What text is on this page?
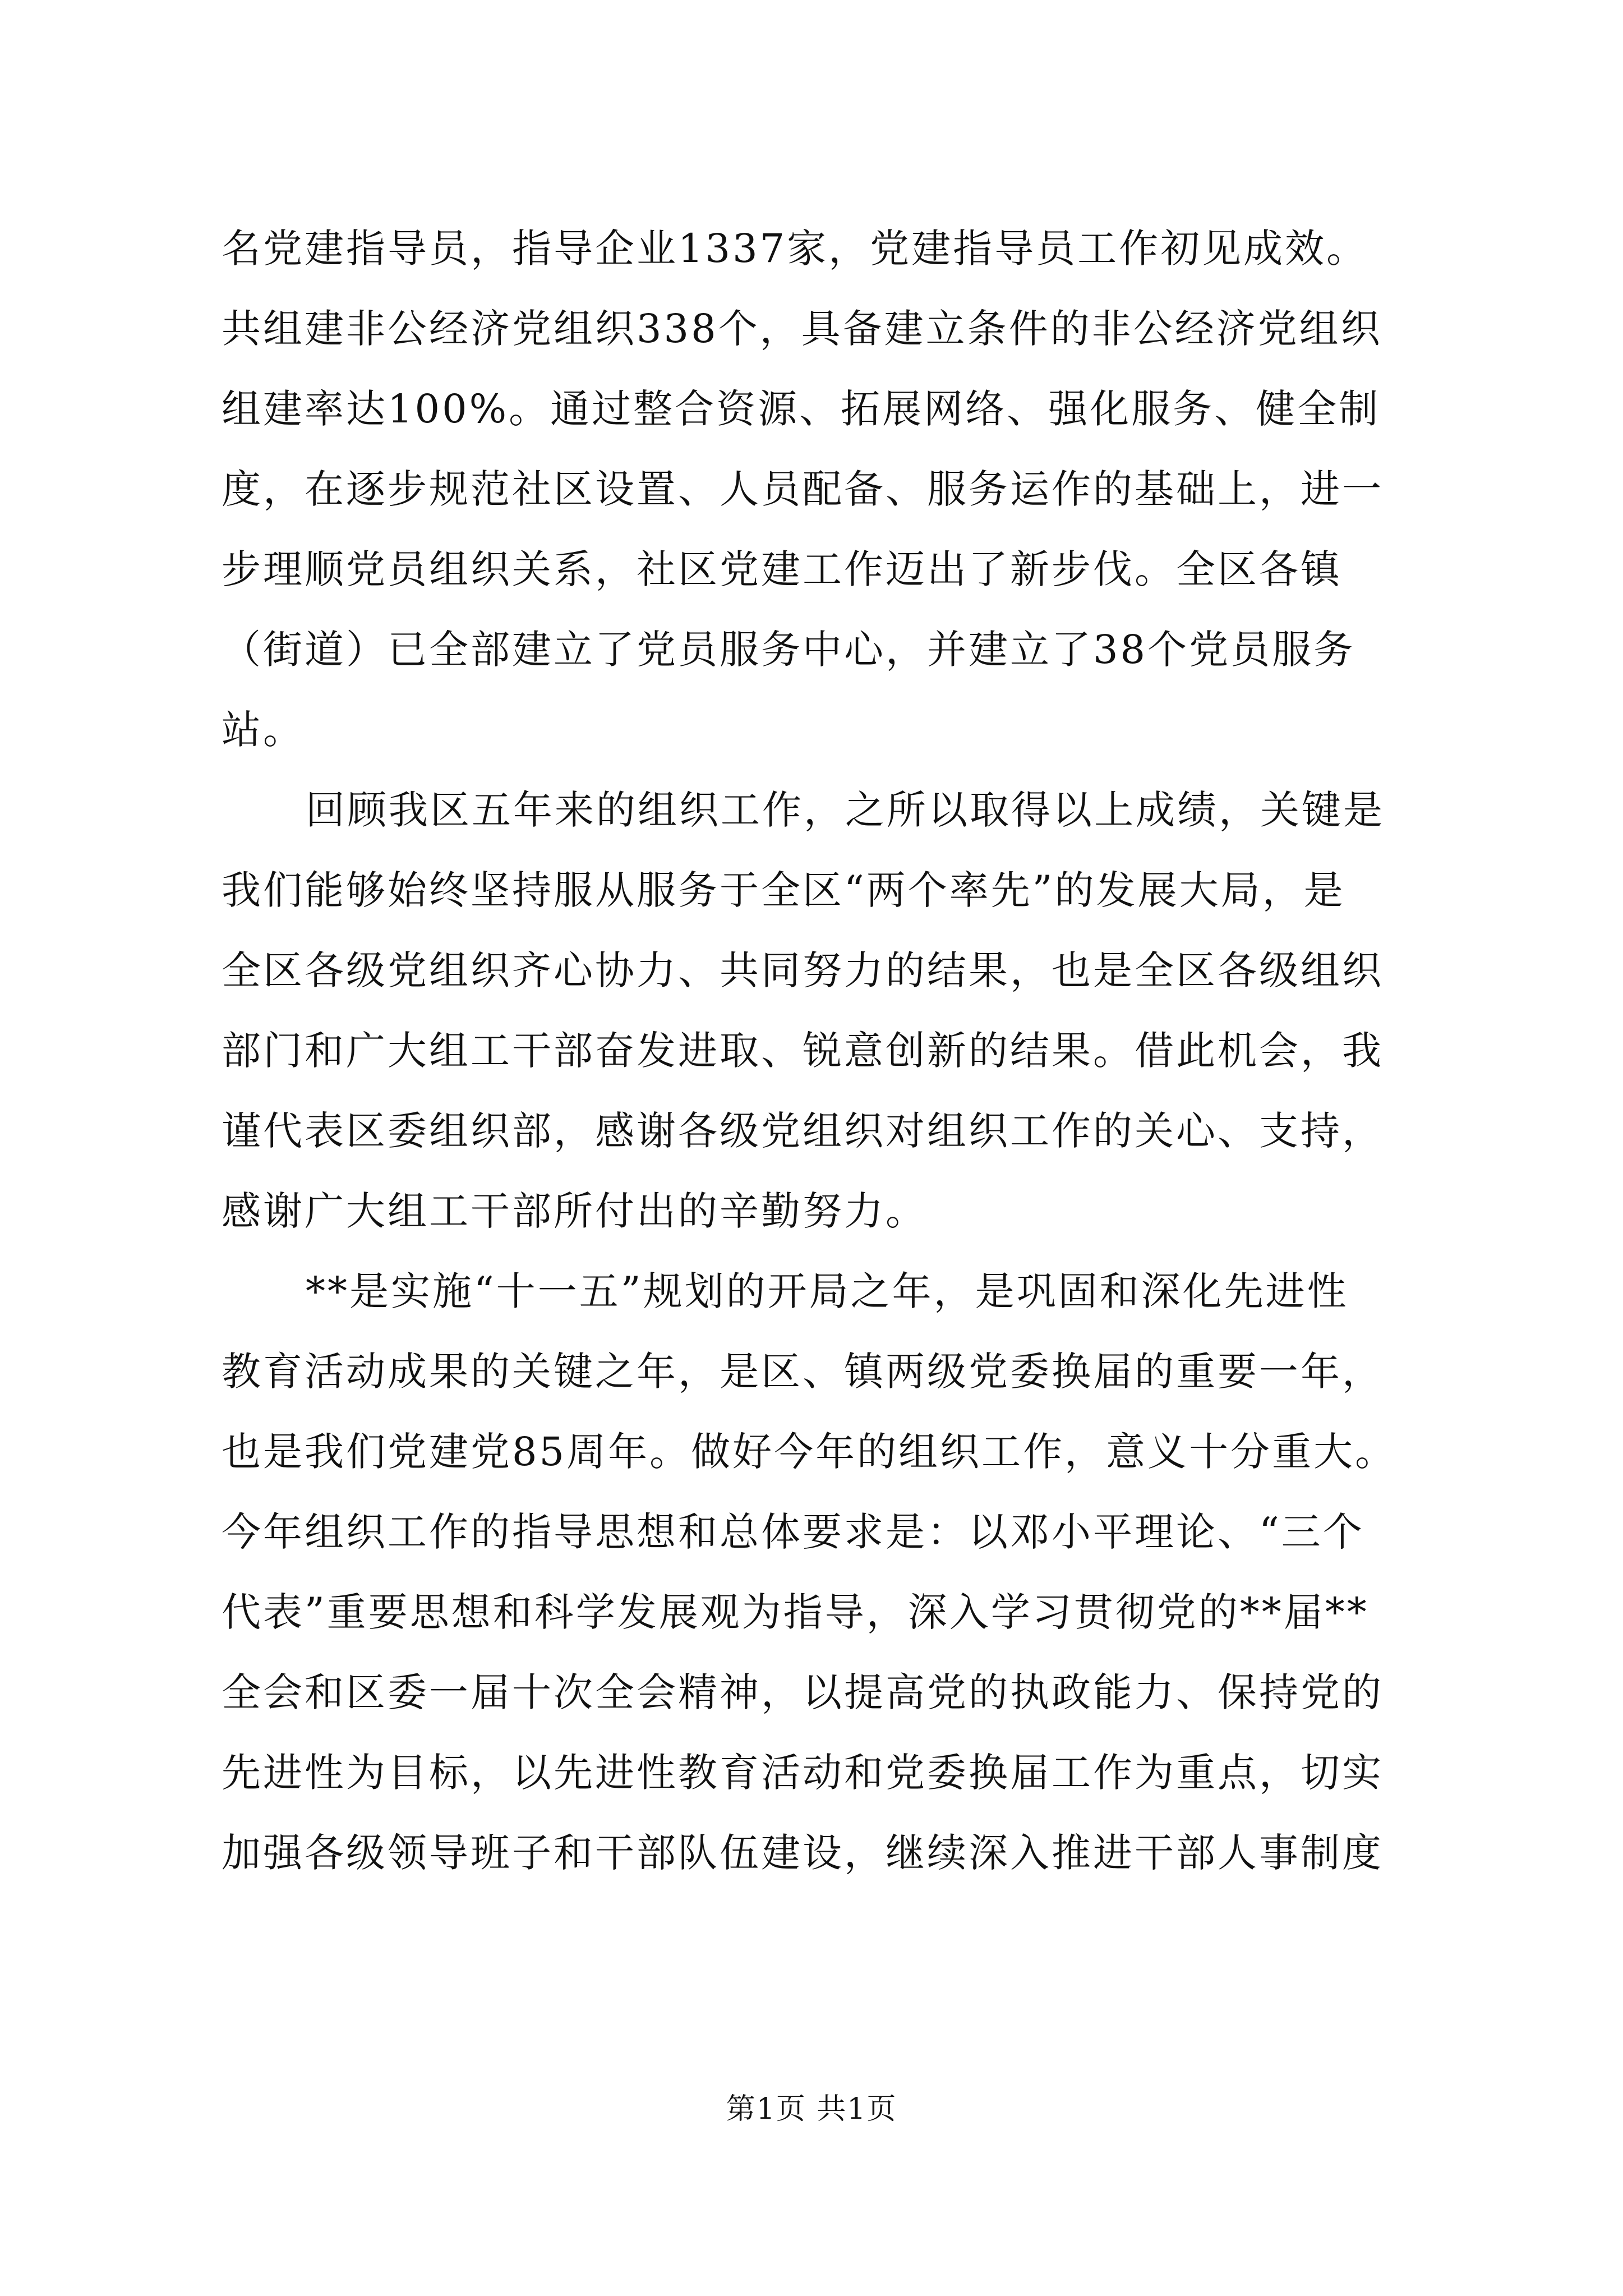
名党建指导员，指导企业1337家，党建指导员工作初见成效。
共组建非公经济党组织338个，具备建立条件的非公经济党组织
组建率达100%。通过整合资源、拓展网络、强化服务、健全制
度，在逐步规范社区设置、人员配备、服务运作的基础上，进一
步理顺党员组织关系，社区党建工作迈出了新步伐。全区各镇
（街道）已全部建立了党员服务中心，并建立了38个党员服务
站。
回顾我区五年来的组织工作，之所以取得以上成绩，关键是
我们能够始终坚持服从服务于全区“两个率先”的发展大局，是
全区各级党组织齐心协力、共同努力的结果，也是全区各级组织
部门和广大组工干部奋发进取、锐意创新的结果。借此机会，我
谨代表区委组织部，感谢各级党组织对组织工作的关心、支持，
感谢广大组工干部所付出的辛勤努力。
**是实施“十一五”规划的开局之年，是巩固和深化先进性
教育活动成果的关键之年，是区、镇两级党委换届的重要一年，
也是我们党建党85周年。做好今年的组织工作，意义十分重大。
今年组织工作的指导思想和总体要求是：以邓小平理论、“三个
代表”重要思想和科学发展观为指导，深入学习贯彻党的**届**
全会和区委一届十次全会精神，以提高党的执政能力、保持党的
先进性为目标，以先进性教育活动和党委换届工作为重点，切实
加强各级领导班子和干部队伍建设，继续深入推进干部人事制度
第1页 共1页
